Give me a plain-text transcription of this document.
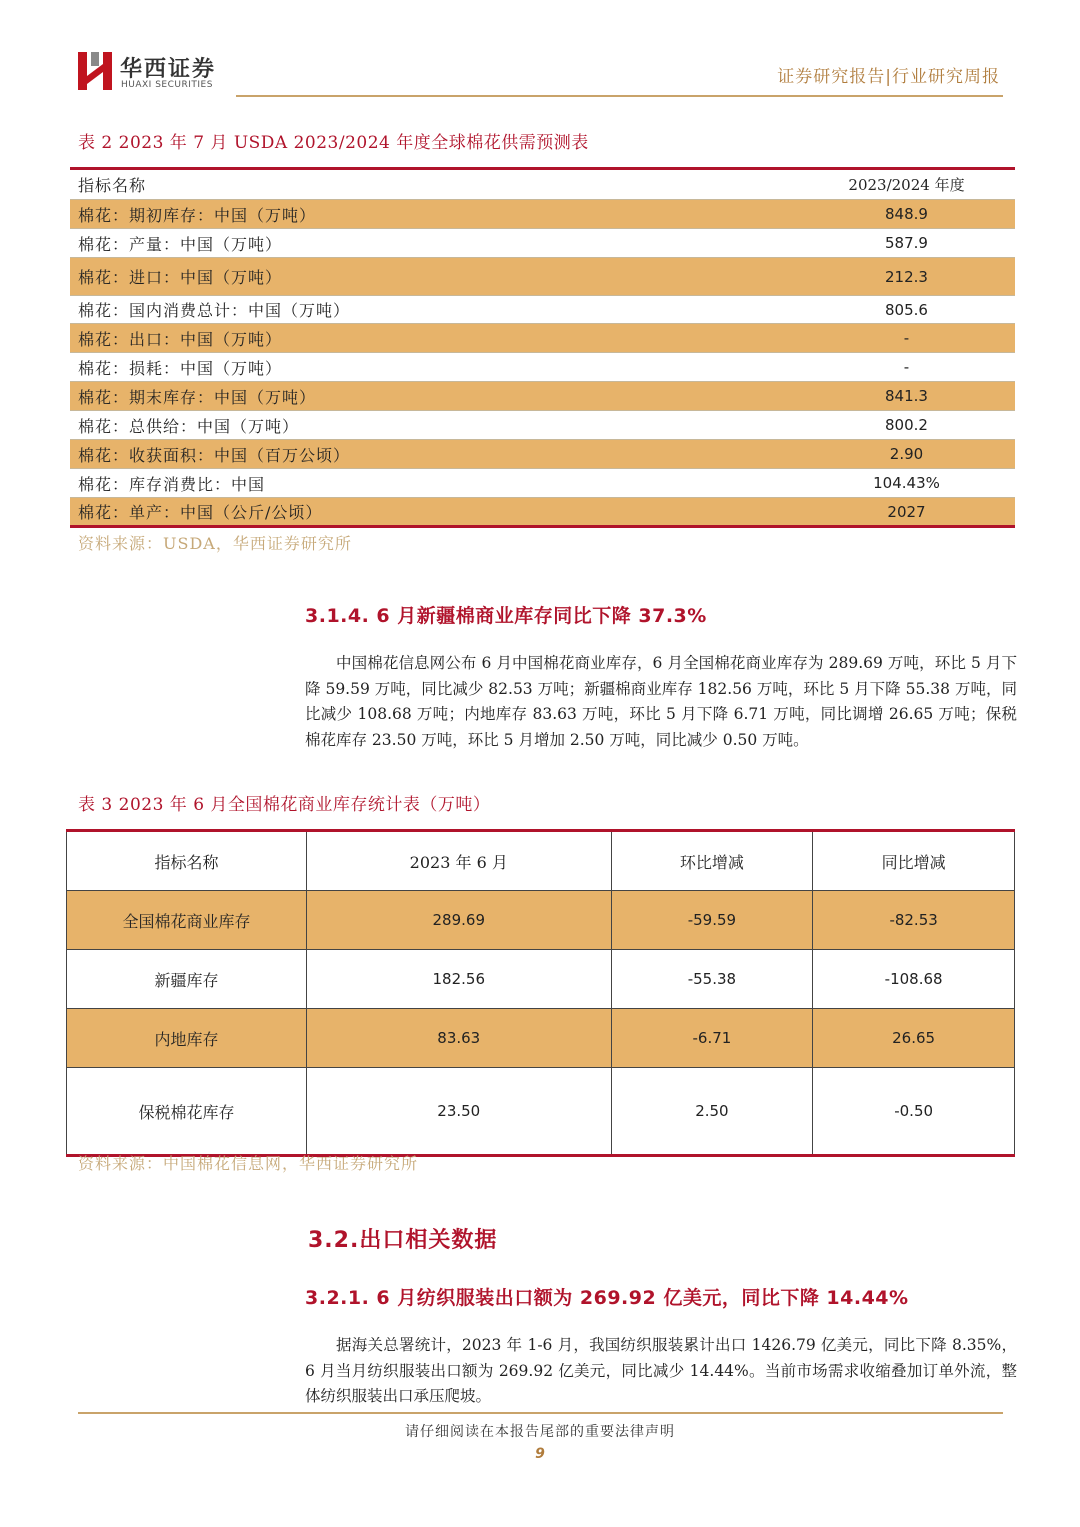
华西证券
HUAXI SECURITIES	证券研究报告|行业研究周报
表 2 2023 年 7 月 USDA 2023/2024 年度全球棉花供需预测表
指标名称	2023/2024 年度
棉花：期初库存：中国（万吨）	848.9
棉花：产量：中国（万吨）	587.9
棉花：进口：中国（万吨）	212.3
棉花：国内消费总计：中国（万吨）	805.6
棉花：出口：中国（万吨）	-
棉花：损耗：中国（万吨）	-
棉花：期末库存：中国（万吨）	841.3
棉花：总供给：中国（万吨）	800.2
棉花：收获面积：中国（百万公顷）	2.90
棉花：库存消费比：中国	104.43%
棉花：单产：中国（公斤/公顷）	2027
资料来源：USDA，华西证券研究所
3.1.4. 6 月新疆棉商业库存同比下降 37.3%
中国棉花信息网公布 6 月中国棉花商业库存，6 月全国棉花商业库存为 289.69 万吨，环比 5 月下降 59.59 万吨，同比减少 82.53 万吨；新疆棉商业库存 182.56 万吨，环比 5 月下降 55.38 万吨，同比减少 108.68 万吨；内地库存 83.63 万吨，环比 5 月下降 6.71 万吨，同比调增 26.65 万吨；保税棉花库存 23.50 万吨，环比 5 月增加 2.50 万吨，同比减少 0.50 万吨。
表 3 2023 年 6 月全国棉花商业库存统计表（万吨）
指标名称	2023 年 6 月	环比增减	同比增减
全国棉花商业库存	289.69	-59.59	-82.53
新疆库存	182.56	-55.38	-108.68
内地库存	83.63	-6.71	26.65
保税棉花库存	23.50	2.50	-0.50
资料来源：中国棉花信息网，华西证券研究所
3.2.出口相关数据
3.2.1. 6 月纺织服装出口额为 269.92 亿美元，同比下降 14.44%
据海关总署统计，2023 年 1-6 月，我国纺织服装累计出口 1426.79 亿美元，同比下降 8.35%，6 月当月纺织服装出口额为 269.92 亿美元，同比减少 14.44%。当前市场需求收缩叠加订单外流，整体纺织服装出口承压爬坡。
请仔细阅读在本报告尾部的重要法律声明
9
